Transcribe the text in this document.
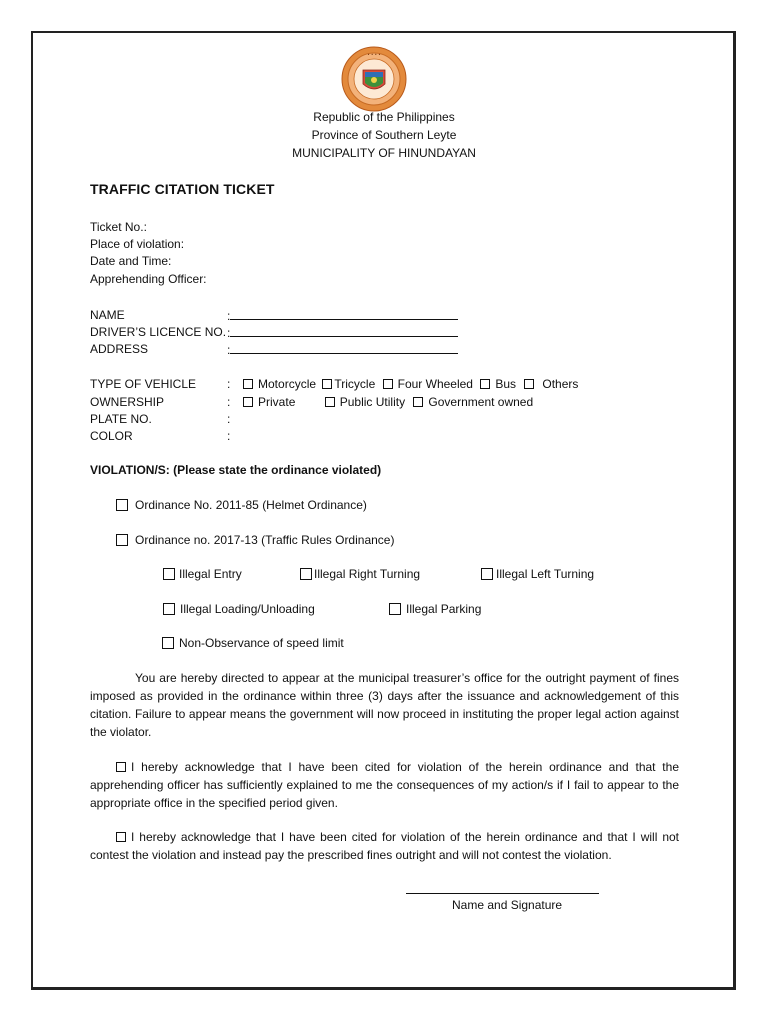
• • • •
Republic of the Philippines
Province of Southern Leyte
MUNICIPALITY OF HINUNDAYAN
TRAFFIC CITATION TICKET
Ticket No.:
Place of violation:
Date and Time:
Apprehending Officer:
NAME	:
DRIVER’S LICENCE NO. :
ADDRESS	:
TYPE OF VEHICLE	: Motorcycle Tricycle Four Wheeled Bus Others
OWNERSHIP	: Private	Public Utility Government owned
PLATE NO.	:
COLOR	:
VIOLATION/S: (Please state the ordinance violated)
Ordinance No. 2011-85 (Helmet Ordinance)
Ordinance no. 2017-13 (Traffic Rules Ordinance)
Illegal Entry	Illegal Right Turning	Illegal Left Turning
Illegal Loading/Unloading	Illegal Parking
Non-Observance of speed limit
You are hereby directed to appear at the municipal treasurer’s office for the outright payment of fines imposed as provided in the ordinance within three (3) days after the issuance and acknowledgement of this citation. Failure to appear means the government will now proceed in instituting the proper legal action against the violator.
I hereby acknowledge that I have been cited for violation of the herein ordinance and that the apprehending officer has sufficiently explained to me the consequences of my action/s if I fail to appear to the appropriate office in the specified period given.
I hereby acknowledge that I have been cited for violation of the herein ordinance and that I will not contest the violation and instead pay the prescribed fines outright and will not contest the violation.
Name and Signature
